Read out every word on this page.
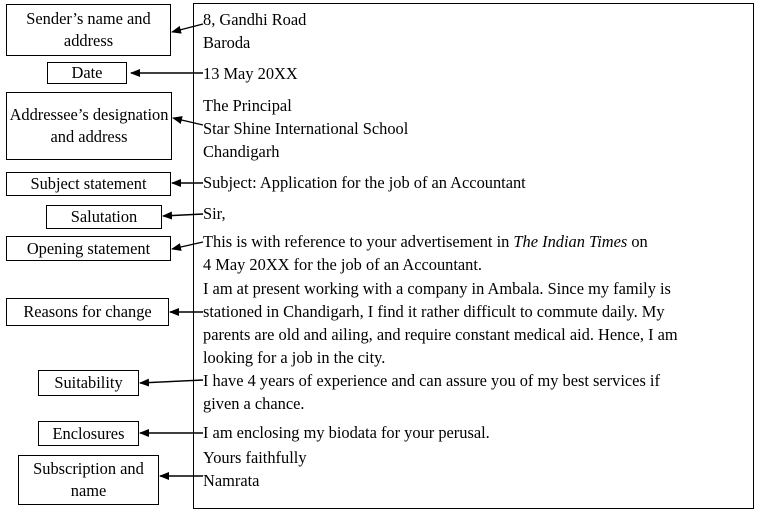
8, Gandhi Road
Baroda
13 May 20XX
The Principal
Star Shine International School
Chandigarh
Subject: Application for the job of an Accountant
Sir,
This is with reference to your advertisement in The Indian Times on
4 May 20XX for the job of an Accountant.
I am at present working with a company in Ambala. Since my family is
stationed in Chandigarh, I find it rather difficult to commute daily. My
parents are old and ailing, and require constant medical aid. Hence, I am
looking for a job in the city.
I have 4 years of experience and can assure you of my best services if
given a chance.
I am enclosing my biodata for your perusal.
Yours faithfully
Namrata
Sender’s name and address
Date
Addressee’s designation and address
Subject statement
Salutation
Opening statement
Reasons for change
Suitability
Enclosures
Subscription and name
